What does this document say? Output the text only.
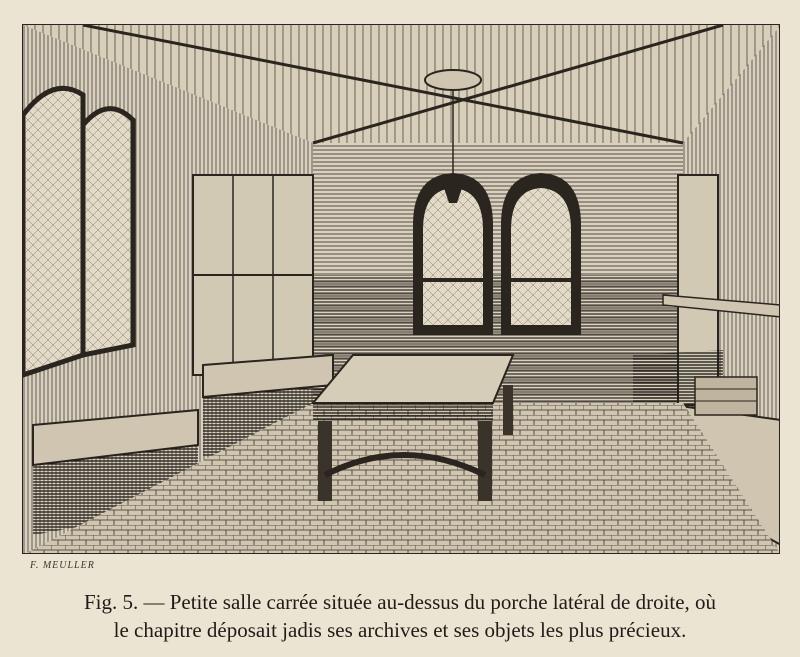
F. MEULLER
Fig. 5. — Petite salle carrée située au-dessus du porche latéral de droite, où
le chapitre déposait jadis ses archives et ses objets les plus précieux.
